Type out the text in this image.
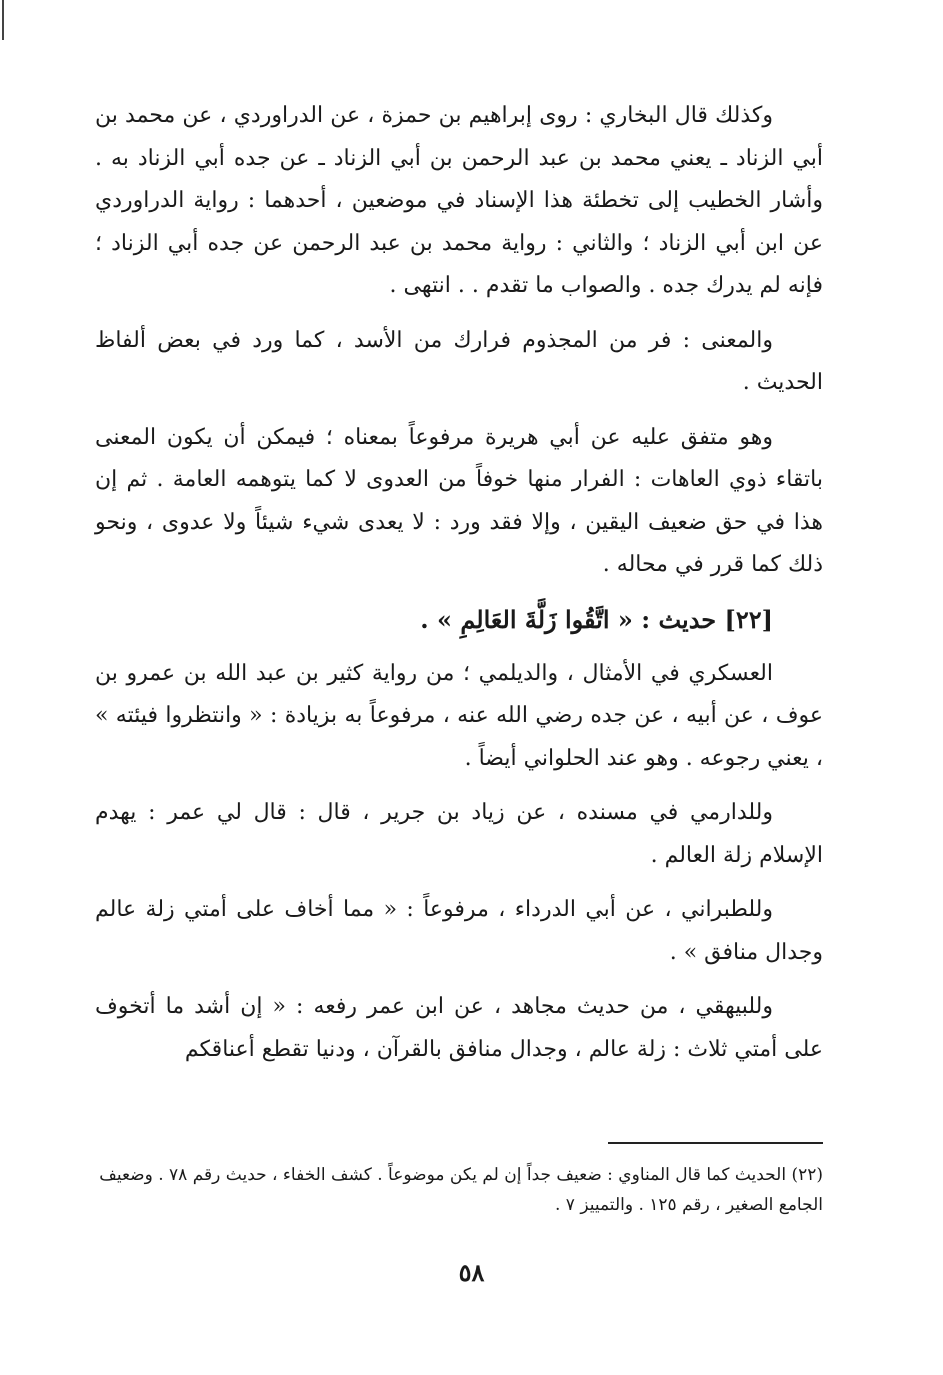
وكذلك قال البخاري : روى إبراهيم بن حمزة ، عن الدراوردي ، عن محمد بن أبي الزناد ـ يعني محمد بن عبد الرحمن بن أبي الزناد ـ عن جده أبي الزناد به . وأشار الخطيب إلى تخطئة هذا الإسناد في موضعين ، أحدهما : رواية الدراوردي عن ابن أبي الزناد ؛ والثاني : رواية محمد بن عبد الرحمن عن جده أبي الزناد ؛ فإنه لم يدرك جده . والصواب ما تقدم . . انتهى .

والمعنى : فر من المجذوم فرارك من الأسد ، كما ورد في بعض ألفاظ الحديث .

وهو متفق عليه عن أبي هريرة مرفوعاً بمعناه ؛ فيمكن أن يكون المعنى باتقاء ذوي العاهات : الفرار منها خوفاً من العدوى لا كما يتوهمه العامة . ثم إن هذا في حق ضعيف اليقين ، وإلا فقد ورد : لا يعدى شيء شيئاً ولا عدوى ، ونحو ذلك كما قرر في محاله .

[٢٢] حديث : « اتَّقُوا زَلَّةَ العَالِمِ » .

العسكري في الأمثال ، والديلمي ؛ من رواية كثير بن عبد الله بن عمرو بن عوف ، عن أبيه ، عن جده رضي الله عنه ، مرفوعاً به بزيادة : « وانتظروا فيئته » ، يعني رجوعه . وهو عند الحلواني أيضاً .

وللدارمي في مسنده ، عن زياد بن جرير ، قال : قال لي عمر : يهدم الإسلام زلة العالم .

وللطبراني ، عن أبي الدرداء ، مرفوعاً : « مما أخاف على أمتي زلة عالم وجدال منافق » .

وللبيهقي ، من حديث مجاهد ، عن ابن عمر رفعه : « إن أشد ما أتخوف على أمتي ثلاث : زلة عالم ، وجدال منافق بالقرآن ، ودنيا تقطع أعناقكم

(٢٢) الحديث كما قال المناوي : ضعيف جداً إن لم يكن موضوعاً . كشف الخفاء ، حديث رقم ٧٨ . وضعيف الجامع الصغير ، رقم ١٢٥ . والتمييز ٧ .

٥٨
